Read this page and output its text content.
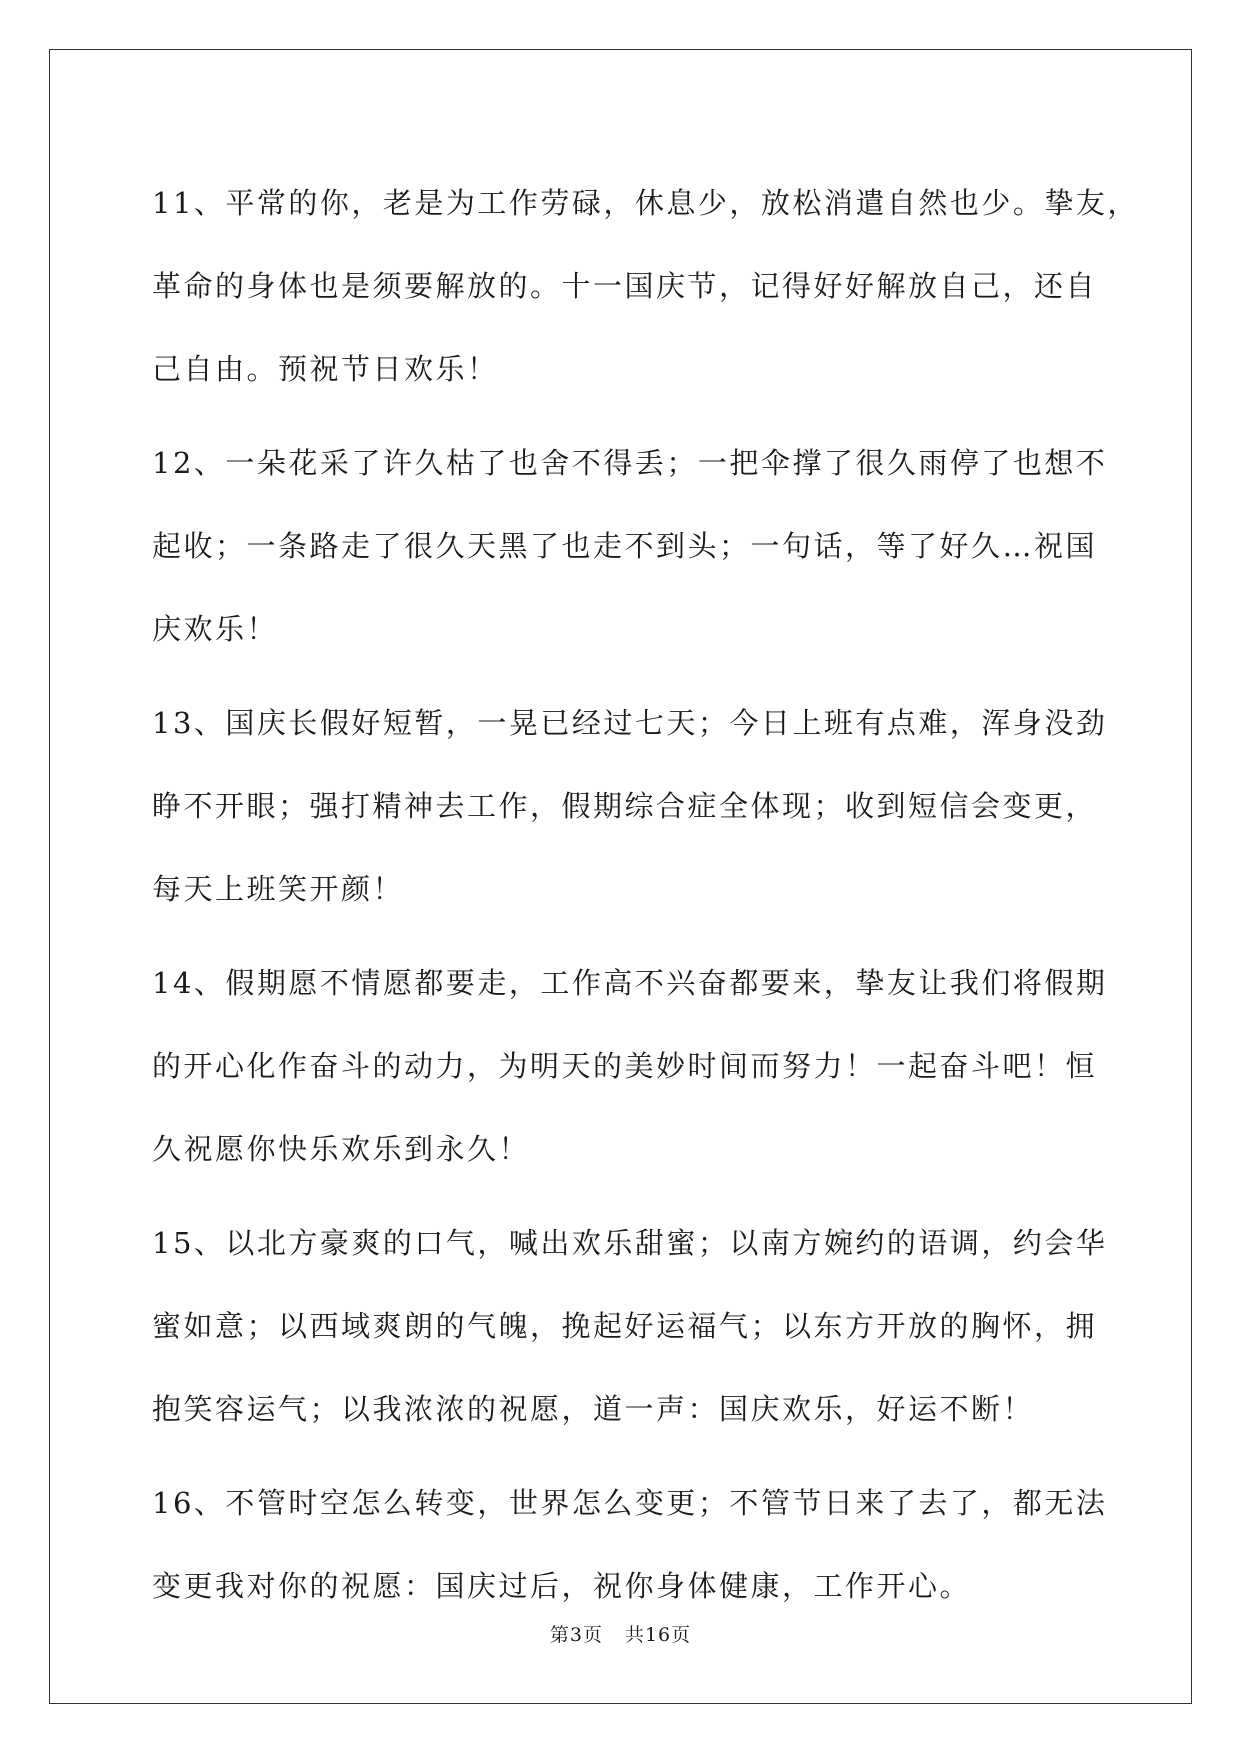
11、平常的你，老是为工作劳碌，休息少，放松消遣自然也少。挚友，
革命的身体也是须要解放的。十一国庆节，记得好好解放自己，还自
己自由。预祝节日欢乐！
12、一朵花采了许久枯了也舍不得丢；一把伞撑了很久雨停了也想不
起收；一条路走了很久天黑了也走不到头；一句话，等了好久…祝国
庆欢乐！
13、国庆长假好短暂，一晃已经过七天；今日上班有点难，浑身没劲
睁不开眼；强打精神去工作，假期综合症全体现；收到短信会变更，
每天上班笑开颜！
14、假期愿不情愿都要走，工作高不兴奋都要来，挚友让我们将假期
的开心化作奋斗的动力，为明天的美妙时间而努力！一起奋斗吧！恒
久祝愿你快乐欢乐到永久！
15、以北方豪爽的口气，喊出欢乐甜蜜；以南方婉约的语调，约会华
蜜如意；以西域爽朗的气魄，挽起好运福气；以东方开放的胸怀，拥
抱笑容运气；以我浓浓的祝愿，道一声：国庆欢乐，好运不断！
16、不管时空怎么转变，世界怎么变更；不管节日来了去了，都无法
变更我对你的祝愿：国庆过后，祝你身体健康，工作开心。
第3页 共16页
